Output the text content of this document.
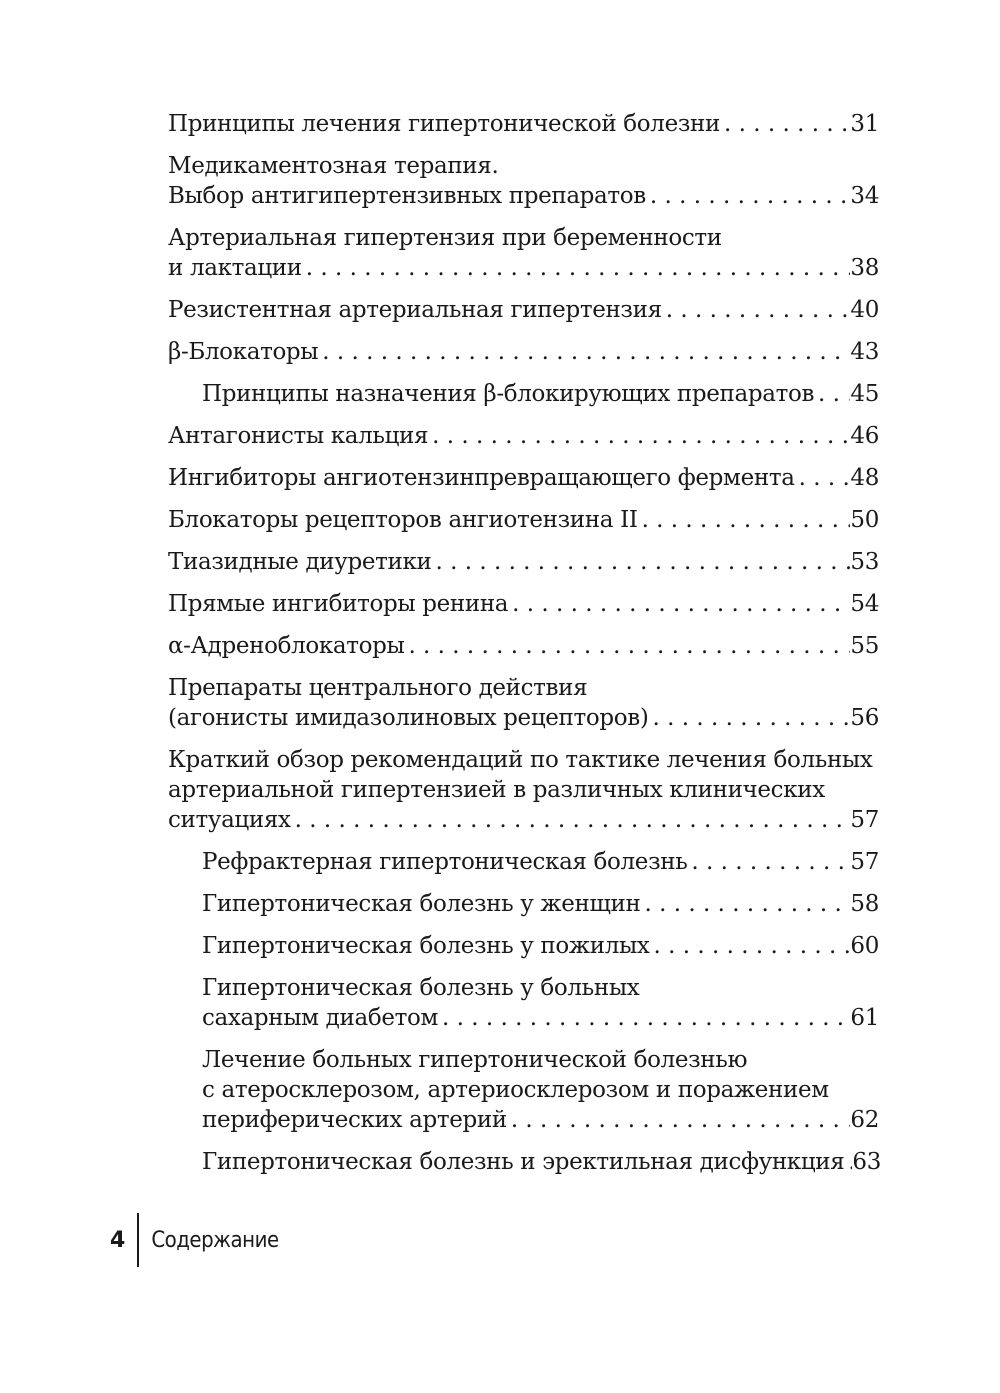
Принципы лечения гипертонической болезни . . .	31
Медикаментозная терапия.
Выбор антигипертензивных препаратов . . .	34
Артериальная гипертензия при беременности
и лактации . . .	38
Резистентная артериальная гипертензия . . .	40
β-Блокаторы . . .	43
Принципы назначения β-блокирующих препаратов . . . 45
Антагонисты кальция . . .	46
Ингибиторы ангиотензинпревращающего фермента . . . 48
Блокаторы рецепторов ангиотензина II . . .	50
Тиазидные диуретики . . .	53
Прямые ингибиторы ренина . . .	54
α-Адреноблокаторы . . .	55
Препараты центрального действия
(агонисты имидазолиновых рецепторов) . . .	56
Краткий обзор рекомендаций по тактике лечения больных
артериальной гипертензией в различных клинических
ситуациях . . .	57
Рефрактерная гипертоническая болезнь . . .	57
Гипертоническая болезнь у женщин . . .	58
Гипертоническая болезнь у пожилых . . .	60
Гипертоническая болезнь у больных
сахарным диабетом . . .	61
Лечение больных гипертонической болезнью
с атеросклерозом, артериосклерозом и поражением
периферических артерий . . .	62
Гипертоническая болезнь и эректильная дисфункция . . . 63
4	Содержание
